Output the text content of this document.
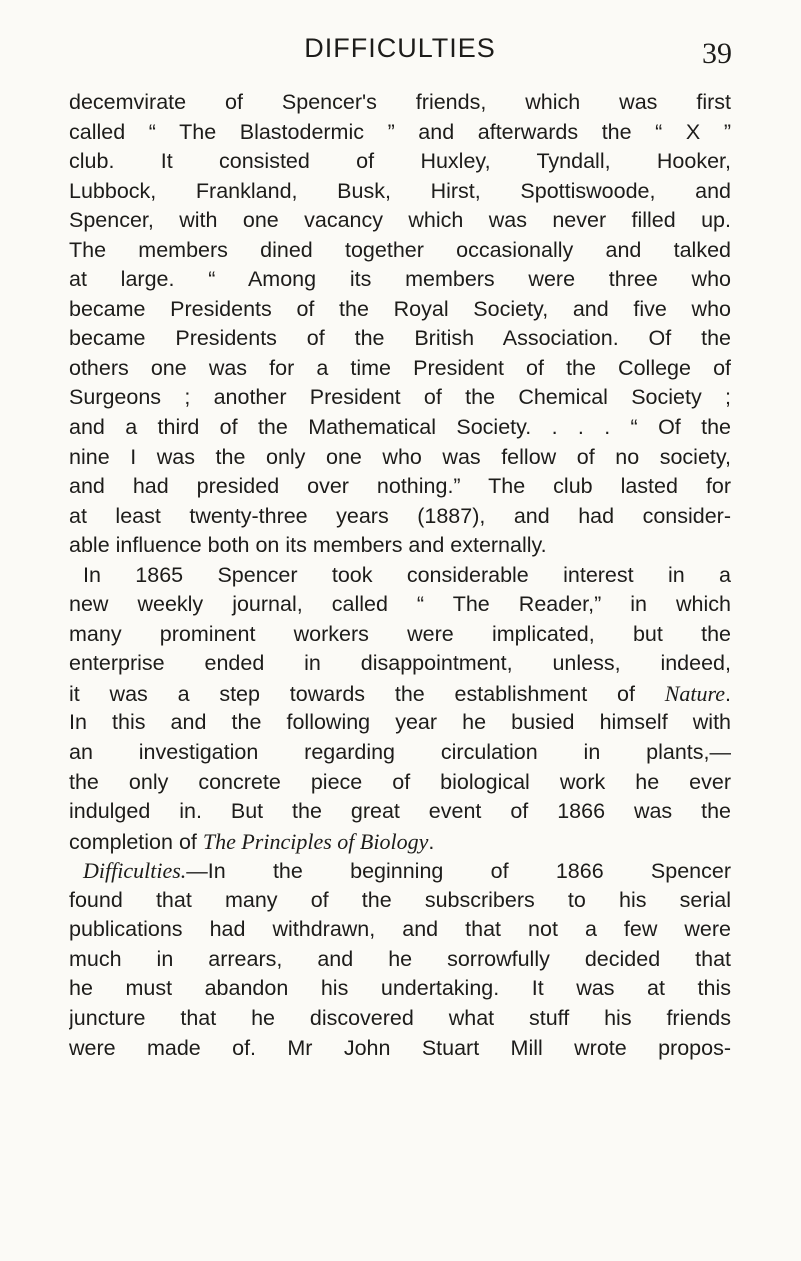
DIFFICULTIES	39
decemvirate of Spencer's friends, which was first
called “ The Blastodermic ” and afterwards the “ X ”
club. It consisted of Huxley, Tyndall, Hooker,
Lubbock, Frankland, Busk, Hirst, Spottiswoode, and
Spencer, with one vacancy which was never filled up.
The members dined together occasionally and talked
at large. “ Among its members were three who
became Presidents of the Royal Society, and five who
became Presidents of the British Association. Of the
others one was for a time President of the College of
Surgeons ; another President of the Chemical Society ;
and a third of the Mathematical Society. . . . “ Of the
nine I was the only one who was fellow of no society,
and had presided over nothing.” The club lasted for
at least twenty-three years (1887), and had consider-
able influence both on its members and externally.
In 1865 Spencer took considerable interest in a
new weekly journal, called “ The Reader,” in which
many prominent workers were implicated, but the
enterprise ended in disappointment, unless, indeed,
it was a step towards the establishment of Nature.
In this and the following year he busied himself with
an investigation regarding circulation in plants,—
the only concrete piece of biological work he ever
indulged in. But the great event of 1866 was the
completion of The Principles of Biology.
Difficulties.—In the beginning of 1866 Spencer
found that many of the subscribers to his serial
publications had withdrawn, and that not a few were
much in arrears, and he sorrowfully decided that
he must abandon his undertaking. It was at this
juncture that he discovered what stuff his friends
were made of. Mr John Stuart Mill wrote propos-
